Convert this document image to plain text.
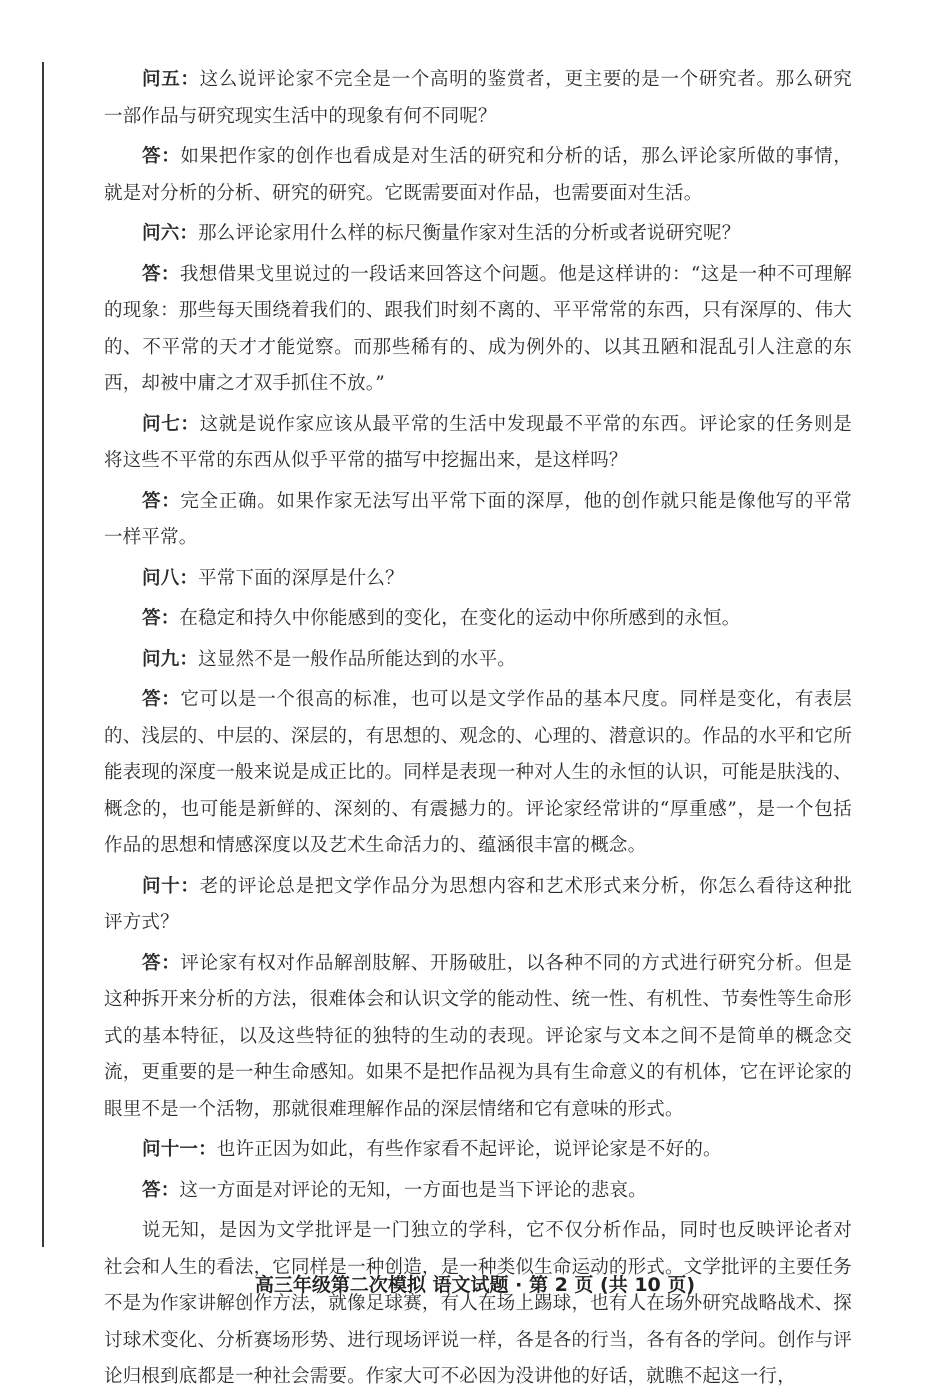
问五：这么说评论家不完全是一个高明的鉴赏者，更主要的是一个研究者。那么研究一部作品与研究现实生活中的现象有何不同呢？

答：如果把作家的创作也看成是对生活的研究和分析的话，那么评论家所做的事情，就是对分析的分析、研究的研究。它既需要面对作品，也需要面对生活。

问六：那么评论家用什么样的标尺衡量作家对生活的分析或者说研究呢？

答：我想借果戈里说过的一段话来回答这个问题。他是这样讲的：“这是一种不可理解的现象：那些每天围绕着我们的、跟我们时刻不离的、平平常常的东西，只有深厚的、伟大的、不平常的天才才能觉察。而那些稀有的、成为例外的、以其丑陋和混乱引人注意的东西，却被中庸之才双手抓住不放。”

问七：这就是说作家应该从最平常的生活中发现最不平常的东西。评论家的任务则是将这些不平常的东西从似乎平常的描写中挖掘出来，是这样吗？

答：完全正确。如果作家无法写出平常下面的深厚，他的创作就只能是像他写的平常一样平常。

问八：平常下面的深厚是什么？

答：在稳定和持久中你能感到的变化，在变化的运动中你所感到的永恒。

问九：这显然不是一般作品所能达到的水平。

答：它可以是一个很高的标准，也可以是文学作品的基本尺度。同样是变化，有表层的、浅层的、中层的、深层的，有思想的、观念的、心理的、潜意识的。作品的水平和它所能表现的深度一般来说是成正比的。同样是表现一种对人生的永恒的认识，可能是肤浅的、概念的，也可能是新鲜的、深刻的、有震撼力的。评论家经常讲的“厚重感”，是一个包括作品的思想和情感深度以及艺术生命活力的、蕴涵很丰富的概念。

问十：老的评论总是把文学作品分为思想内容和艺术形式来分析，你怎么看待这种批评方式？

答：评论家有权对作品解剖肢解、开肠破肚，以各种不同的方式进行研究分析。但是这种拆开来分析的方法，很难体会和认识文学的能动性、统一性、有机性、节奏性等生命形式的基本特征，以及这些特征的独特的生动的表现。评论家与文本之间不是简单的概念交流，更重要的是一种生命感知。如果不是把作品视为具有生命意义的有机体，它在评论家的眼里不是一个活物，那就很难理解作品的深层情绪和它有意味的形式。

问十一：也许正因为如此，有些作家看不起评论，说评论家是不好的。

答：这一方面是对评论的无知，一方面也是当下评论的悲哀。

说无知，是因为文学批评是一门独立的学科，它不仅分析作品，同时也反映评论者对社会和人生的看法，它同样是一种创造，是一种类似生命运动的形式。文学批评的主要任务不是为作家讲解创作方法，就像足球赛，有人在场上踢球，也有人在场外研究战略战术、探讨球术变化、分析赛场形势、进行现场评说一样，各是各的行当，各有各的学问。创作与评论归根到底都是一种社会需要。作家大可不必因为没讲他的好话，就瞧不起这一行，

高三年级第二次模拟 语文试题 · 第 2 页 (共 10 页)
